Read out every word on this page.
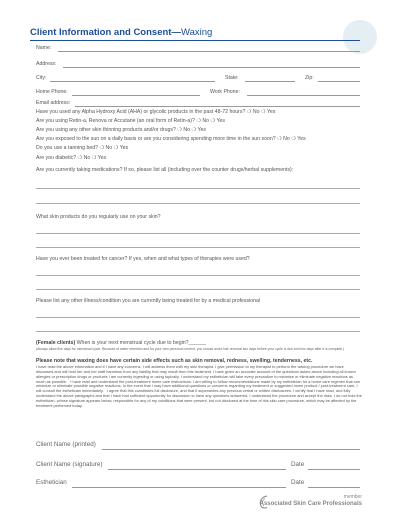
Client Information and Consent—Waxing
Name:
Address:
City:	State:	Zip:
Home Phone:	Work Phone:
Email address:
Have you used any Alpha Hydroxy Acid (AHA) or glycolic products in the past 48-72 hours? ❍ No ❍ Yes
Are you using Retin-a, Renova or Accutane (an oral form of Retin-a)? ❍ No ❍ Yes
Are you using any other skin thinning products and/or drugs? ❍ No ❍ Yes
Are you exposed to the sun on a daily basis or are you considering spending more time in the sun soon? ❍ No ❍ Yes
Do you use a tanning bed? ❍ No ❍ Yes
Are you diabetic? ❍ No ❍ Yes
Are you currently taking medications? If so, please list all (including over the counter drugs/herbal supplements):
What skin products do you regularly use on your skin?
Have you ever been treated for cancer? If yes, when and what types of therapies were used?
Please list any other illness/condition you are currently being treated for by a medical professional
(Female clients) When is your next menstrual cycle due to begin?______
(Always allow five days for menstrual cycle. Because of water retention and for your own personal comfort, you should avoid hair removal two days before your cycle is due and two days after it is complete.)
Please note that waxing does have certain side effects such as skin removal, redness, swelling, tenderness, etc.
I have read the above information and if I have any concerns, I will address them with my skin therapist. I give permission to my therapist to perform the waxing procedure we have discussed and will hold her and her staff harmless from any liability that may result from this treatment. I have given an accurate account of the questions asked above including all known allergies or prescription drugs or products I am currently ingesting or using topically. I understand my esthetician will take every precaution to minimize or eliminate negative reactions as much as possible.   I have read and understand the post-treatment home care instructions. I am willing to follow recommendations made by my esthetician for a home care regimen that can minimize or eliminate possible negative reactions. In the event that I may have additional questions or concerns regarding my treatment or suggested home product / post-treatment care, I will consult the esthetician immediately.   I agree that this constitutes full disclosure, and that it supersedes any previous verbal or written disclosures. I certify that I have read, and fully understand the above paragraphs and that I have had sufficient opportunity for discussion to have any questions answered. I understand the procedure and accept the risks. I do not hold the esthetician, whose signature appears below, responsible for any of my conditions that were present, but not disclosed at the time of this skin care procedure, which may be affected by the treatment performed today.
Client Name (printed)
Client Name (signature)	Date
Esthetician	Date
member
Associated Skin Care Professionals
